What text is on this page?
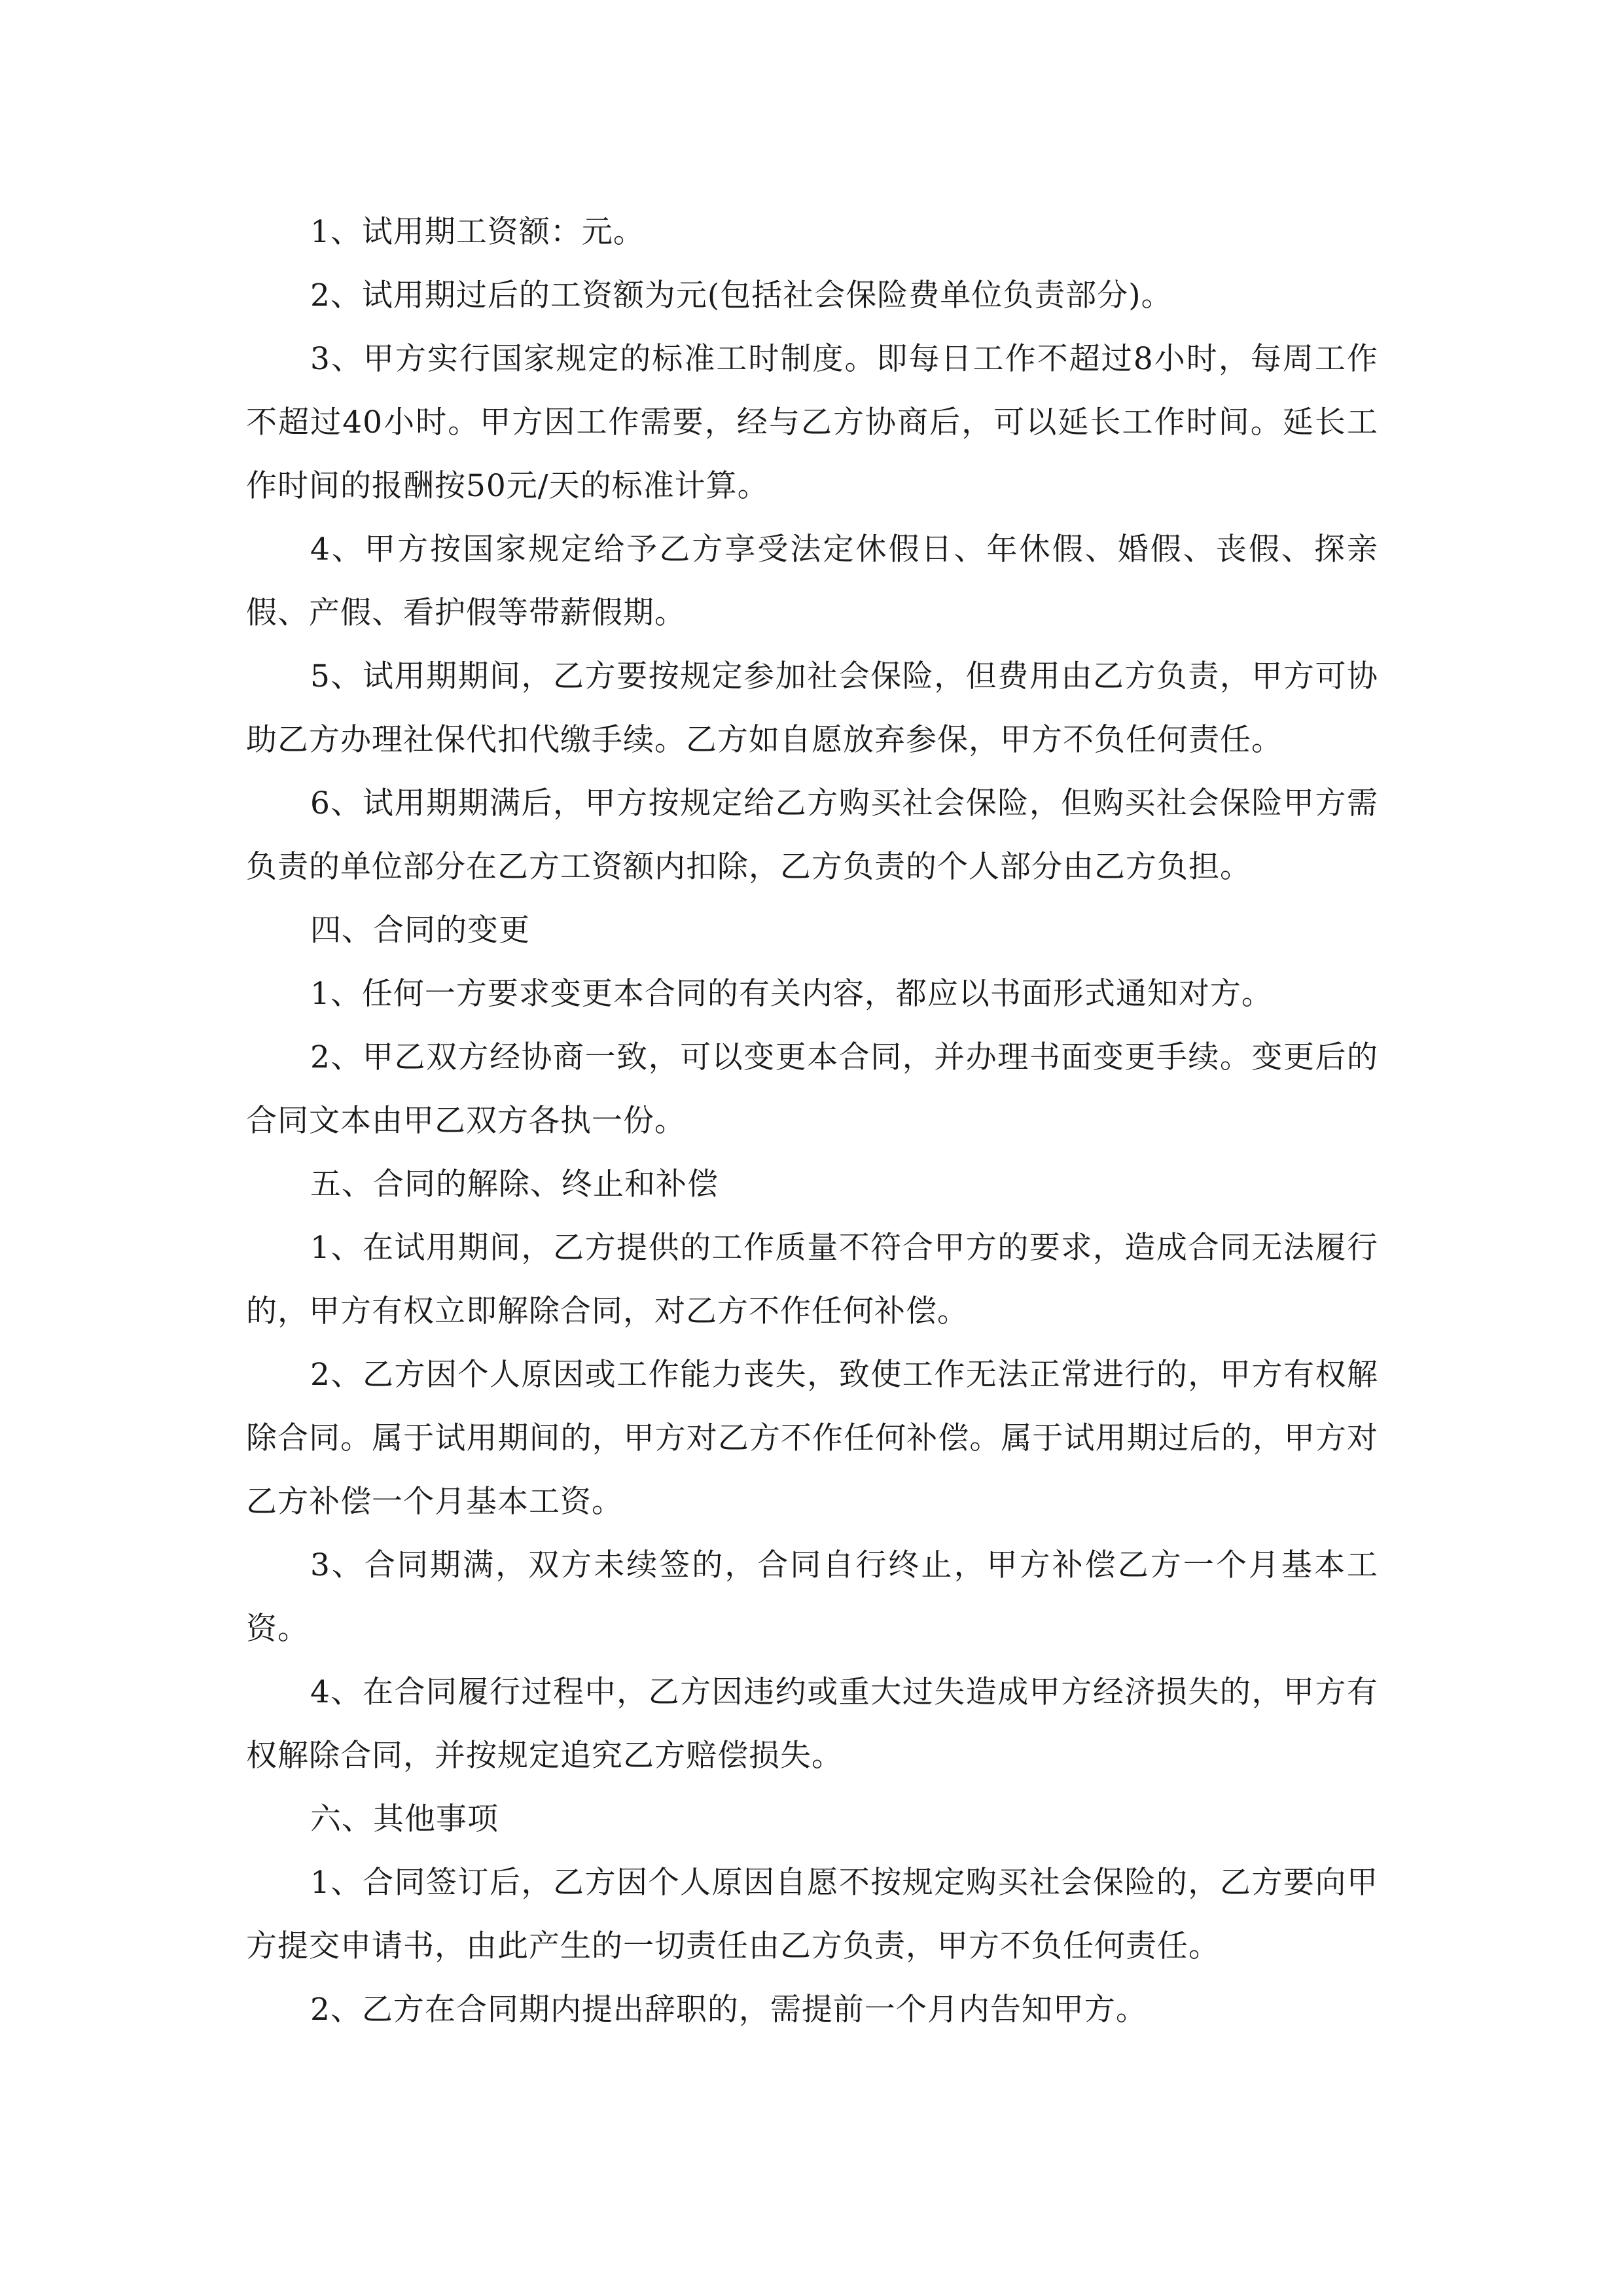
1、试用期工资额：元。

2、试用期过后的工资额为元(包括社会保险费单位负责部分)。

3、甲方实行国家规定的标准工时制度。即每日工作不超过8小时，每周工作不超过40小时。甲方因工作需要，经与乙方协商后，可以延长工作时间。延长工作时间的报酬按50元/天的标准计算。

4、甲方按国家规定给予乙方享受法定休假日、年休假、婚假、丧假、探亲假、产假、看护假等带薪假期。

5、试用期期间，乙方要按规定参加社会保险，但费用由乙方负责，甲方可协助乙方办理社保代扣代缴手续。乙方如自愿放弃参保，甲方不负任何责任。

6、试用期期满后，甲方按规定给乙方购买社会保险，但购买社会保险甲方需负责的单位部分在乙方工资额内扣除，乙方负责的个人部分由乙方负担。

四、合同的变更

1、任何一方要求变更本合同的有关内容，都应以书面形式通知对方。

2、甲乙双方经协商一致，可以变更本合同，并办理书面变更手续。变更后的合同文本由甲乙双方各执一份。

五、合同的解除、终止和补偿

1、在试用期间，乙方提供的工作质量不符合甲方的要求，造成合同无法履行的，甲方有权立即解除合同，对乙方不作任何补偿。

2、乙方因个人原因或工作能力丧失，致使工作无法正常进行的，甲方有权解除合同。属于试用期间的，甲方对乙方不作任何补偿。属于试用期过后的，甲方对乙方补偿一个月基本工资。

3、合同期满，双方未续签的，合同自行终止，甲方补偿乙方一个月基本工资。

4、在合同履行过程中，乙方因违约或重大过失造成甲方经济损失的，甲方有权解除合同，并按规定追究乙方赔偿损失。

六、其他事项

1、合同签订后，乙方因个人原因自愿不按规定购买社会保险的，乙方要向甲方提交申请书，由此产生的一切责任由乙方负责，甲方不负任何责任。

2、乙方在合同期内提出辞职的，需提前一个月内告知甲方。
